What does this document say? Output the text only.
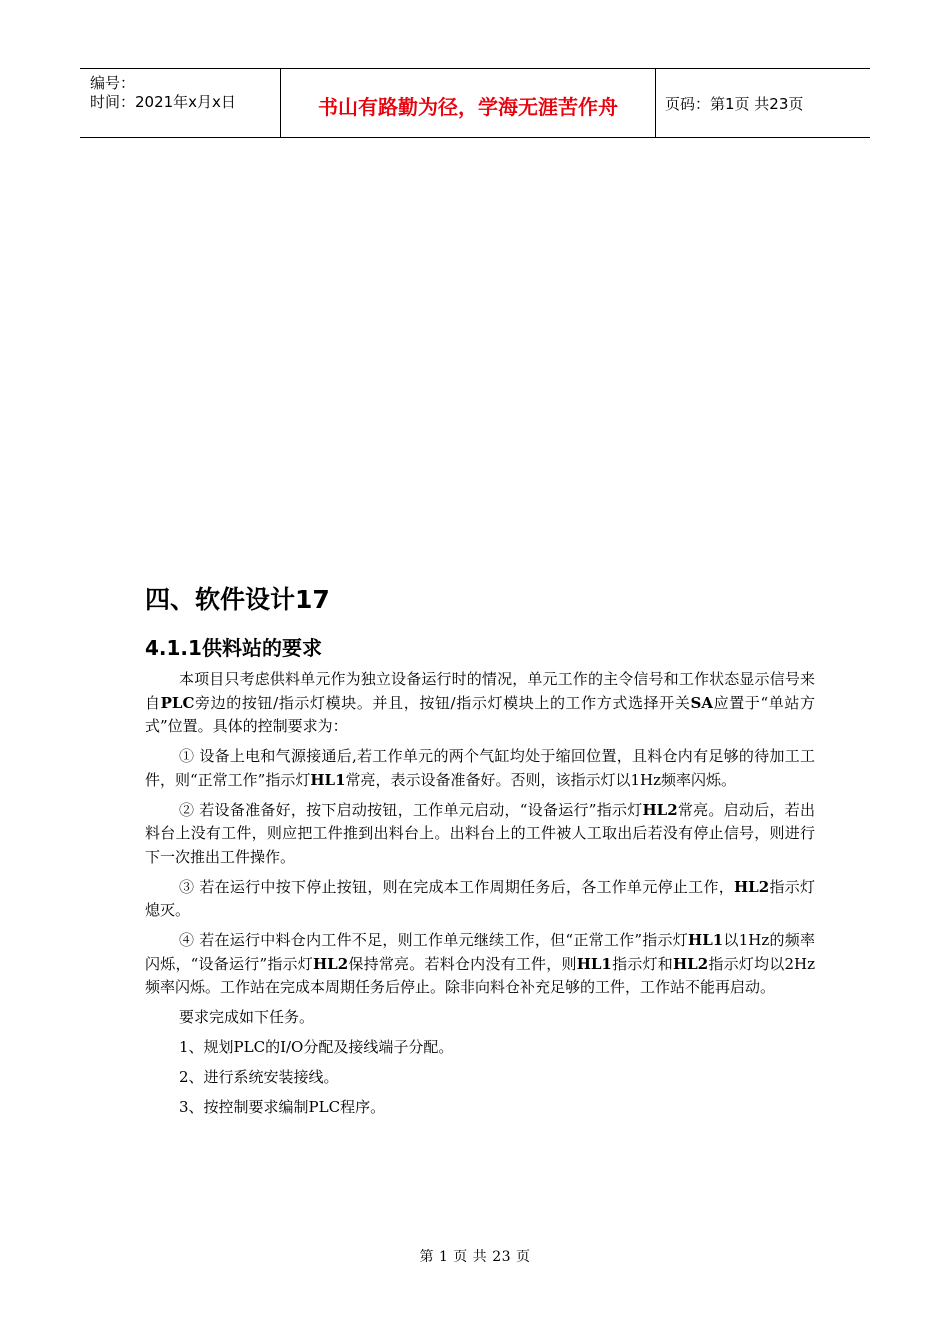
编号：
时间：2021年x月x日	书山有路勤为径，学海无涯苦作舟	页码：第1页 共23页
四、软件设计17
4.1.1供料站的要求

本项目只考虑供料单元作为独立设备运行时的情况，单元工作的主令信号和工作状态显示信号来自PLC旁边的按钮/指示灯模块。并且，按钮/指示灯模块上的工作方式选择开关SA应置于“单站方式”位置。具体的控制要求为：

① 设备上电和气源接通后,若工作单元的两个气缸均处于缩回位置，且料仓内有足够的待加工工件，则“正常工作”指示灯HL1常亮，表示设备准备好。否则，该指示灯以1Hz频率闪烁。

② 若设备准备好，按下启动按钮，工作单元启动，“设备运行”指示灯HL2常亮。启动后，若出料台上没有工件，则应把工件推到出料台上。出料台上的工件被人工取出后若没有停止信号，则进行下一次推出工件操作。

③ 若在运行中按下停止按钮，则在完成本工作周期任务后，各工作单元停止工作，HL2指示灯熄灭。

④ 若在运行中料仓内工件不足，则工作单元继续工作，但“正常工作”指示灯HL1以1Hz的频率闪烁，“设备运行”指示灯HL2保持常亮。若料仓内没有工件，则HL1指示灯和HL2指示灯均以2Hz频率闪烁。工作站在完成本周期任务后停止。除非向料仓补充足够的工件，工作站不能再启动。

要求完成如下任务。

1、规划PLC的I/O分配及接线端子分配。

2、进行系统安装接线。

3、按控制要求编制PLC程序。

第 1 页 共 23 页
